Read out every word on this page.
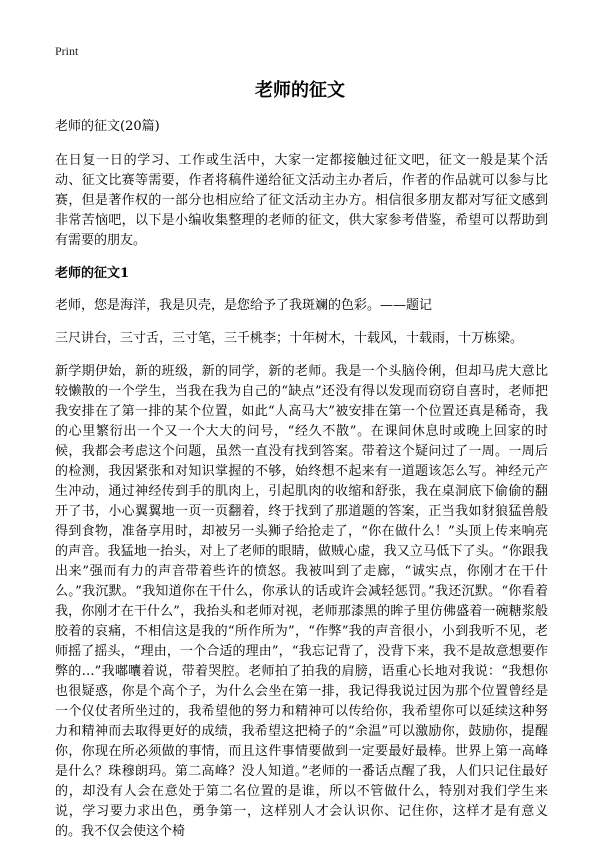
Print
老师的征文

老师的征文(20篇)

在日复一日的学习、工作或生活中，大家一定都接触过征文吧，征文一般是某个活动、征文比赛等需要，作者将稿件递给征文活动主办者后，作者的作品就可以参与比赛，但是著作权的一部分也相应给了征文活动主办方。相信很多朋友都对写征文感到非常苦恼吧，以下是小编收集整理的老师的征文，供大家参考借鉴，希望可以帮助到有需要的朋友。

老师的征文1

老师，您是海洋，我是贝壳，是您给予了我斑斓的色彩。——题记

三尺讲台，三寸舌，三寸笔，三千桃李；十年树木，十载风，十载雨，十万栋梁。

新学期伊始，新的班级，新的同学，新的老师。我是一个头脑伶俐，但却马虎大意比较懒散的一个学生，当我在我为自己的“缺点”还没有得以发现而窃窃自喜时，老师把我安排在了第一排的某个位置，如此“人高马大”被安排在第一个位置还真是稀奇，我的心里繁衍出一个又一个大大的问号，“经久不散”。在课间休息时或晚上回家的时候，我都会考虑这个问题，虽然一直没有找到答案。带着这个疑问过了一周。一周后的检测，我因紧张和对知识掌握的不够，始终想不起来有一道题该怎么写。神经元产生冲动，通过神经传到手的肌肉上，引起肌肉的收缩和舒张，我在桌洞底下偷偷的翻开了书，小心翼翼地一页一页翻着，终于找到了那道题的答案，正当我如豺狼猛兽般得到食物，准备享用时，却被另一头狮子给抢走了，“你在做什么！”头顶上传来响亮的声音。我猛地一抬头，对上了老师的眼睛，做贼心虚，我又立马低下了头。“你跟我出来”强而有力的声音带着些许的愤怒。我被叫到了走廊，“诚实点，你刚才在干什么。”我沉默。“我知道你在干什么，你承认的话或许会减轻惩罚。”我还沉默。“你看着我，你刚才在干什么”，我抬头和老师对视，老师那漆黑的眸子里仿佛盛着一碗糖浆般胶着的哀痛，不相信这是我的“所作所为”，“作弊”我的声音很小，小到我听不见，老师摇了摇头，“理由，一个合适的理由”，“我忘记背了，没背下来，我不是故意想要作弊的…”我嘟囔着说，带着哭腔。老师拍了拍我的肩膀，语重心长地对我说：“我想你也很疑惑，你是个高个子，为什么会坐在第一排，我记得我说过因为那个位置曾经是一个仪仗者所坐过的，我希望他的努力和精神可以传给你，我希望你可以延续这种努力和精神而去取得更好的成绩，我希望这把椅子的“余温”可以激励你，鼓励你，提醒你，你现在所必须做的事情，而且这件事情要做到一定要最好最棒。世界上第一高峰是什么？珠穆朗玛。第二高峰？没人知道。”老师的一番话点醒了我，人们只记住最好的，却没有人会在意处于第二名位置的是谁，所以不管做什么，特别对我们学生来说，学习要力求出色，勇争第一，这样别人才会认识你、记住你，这样才是有意义的。我不仅会使这个椅
